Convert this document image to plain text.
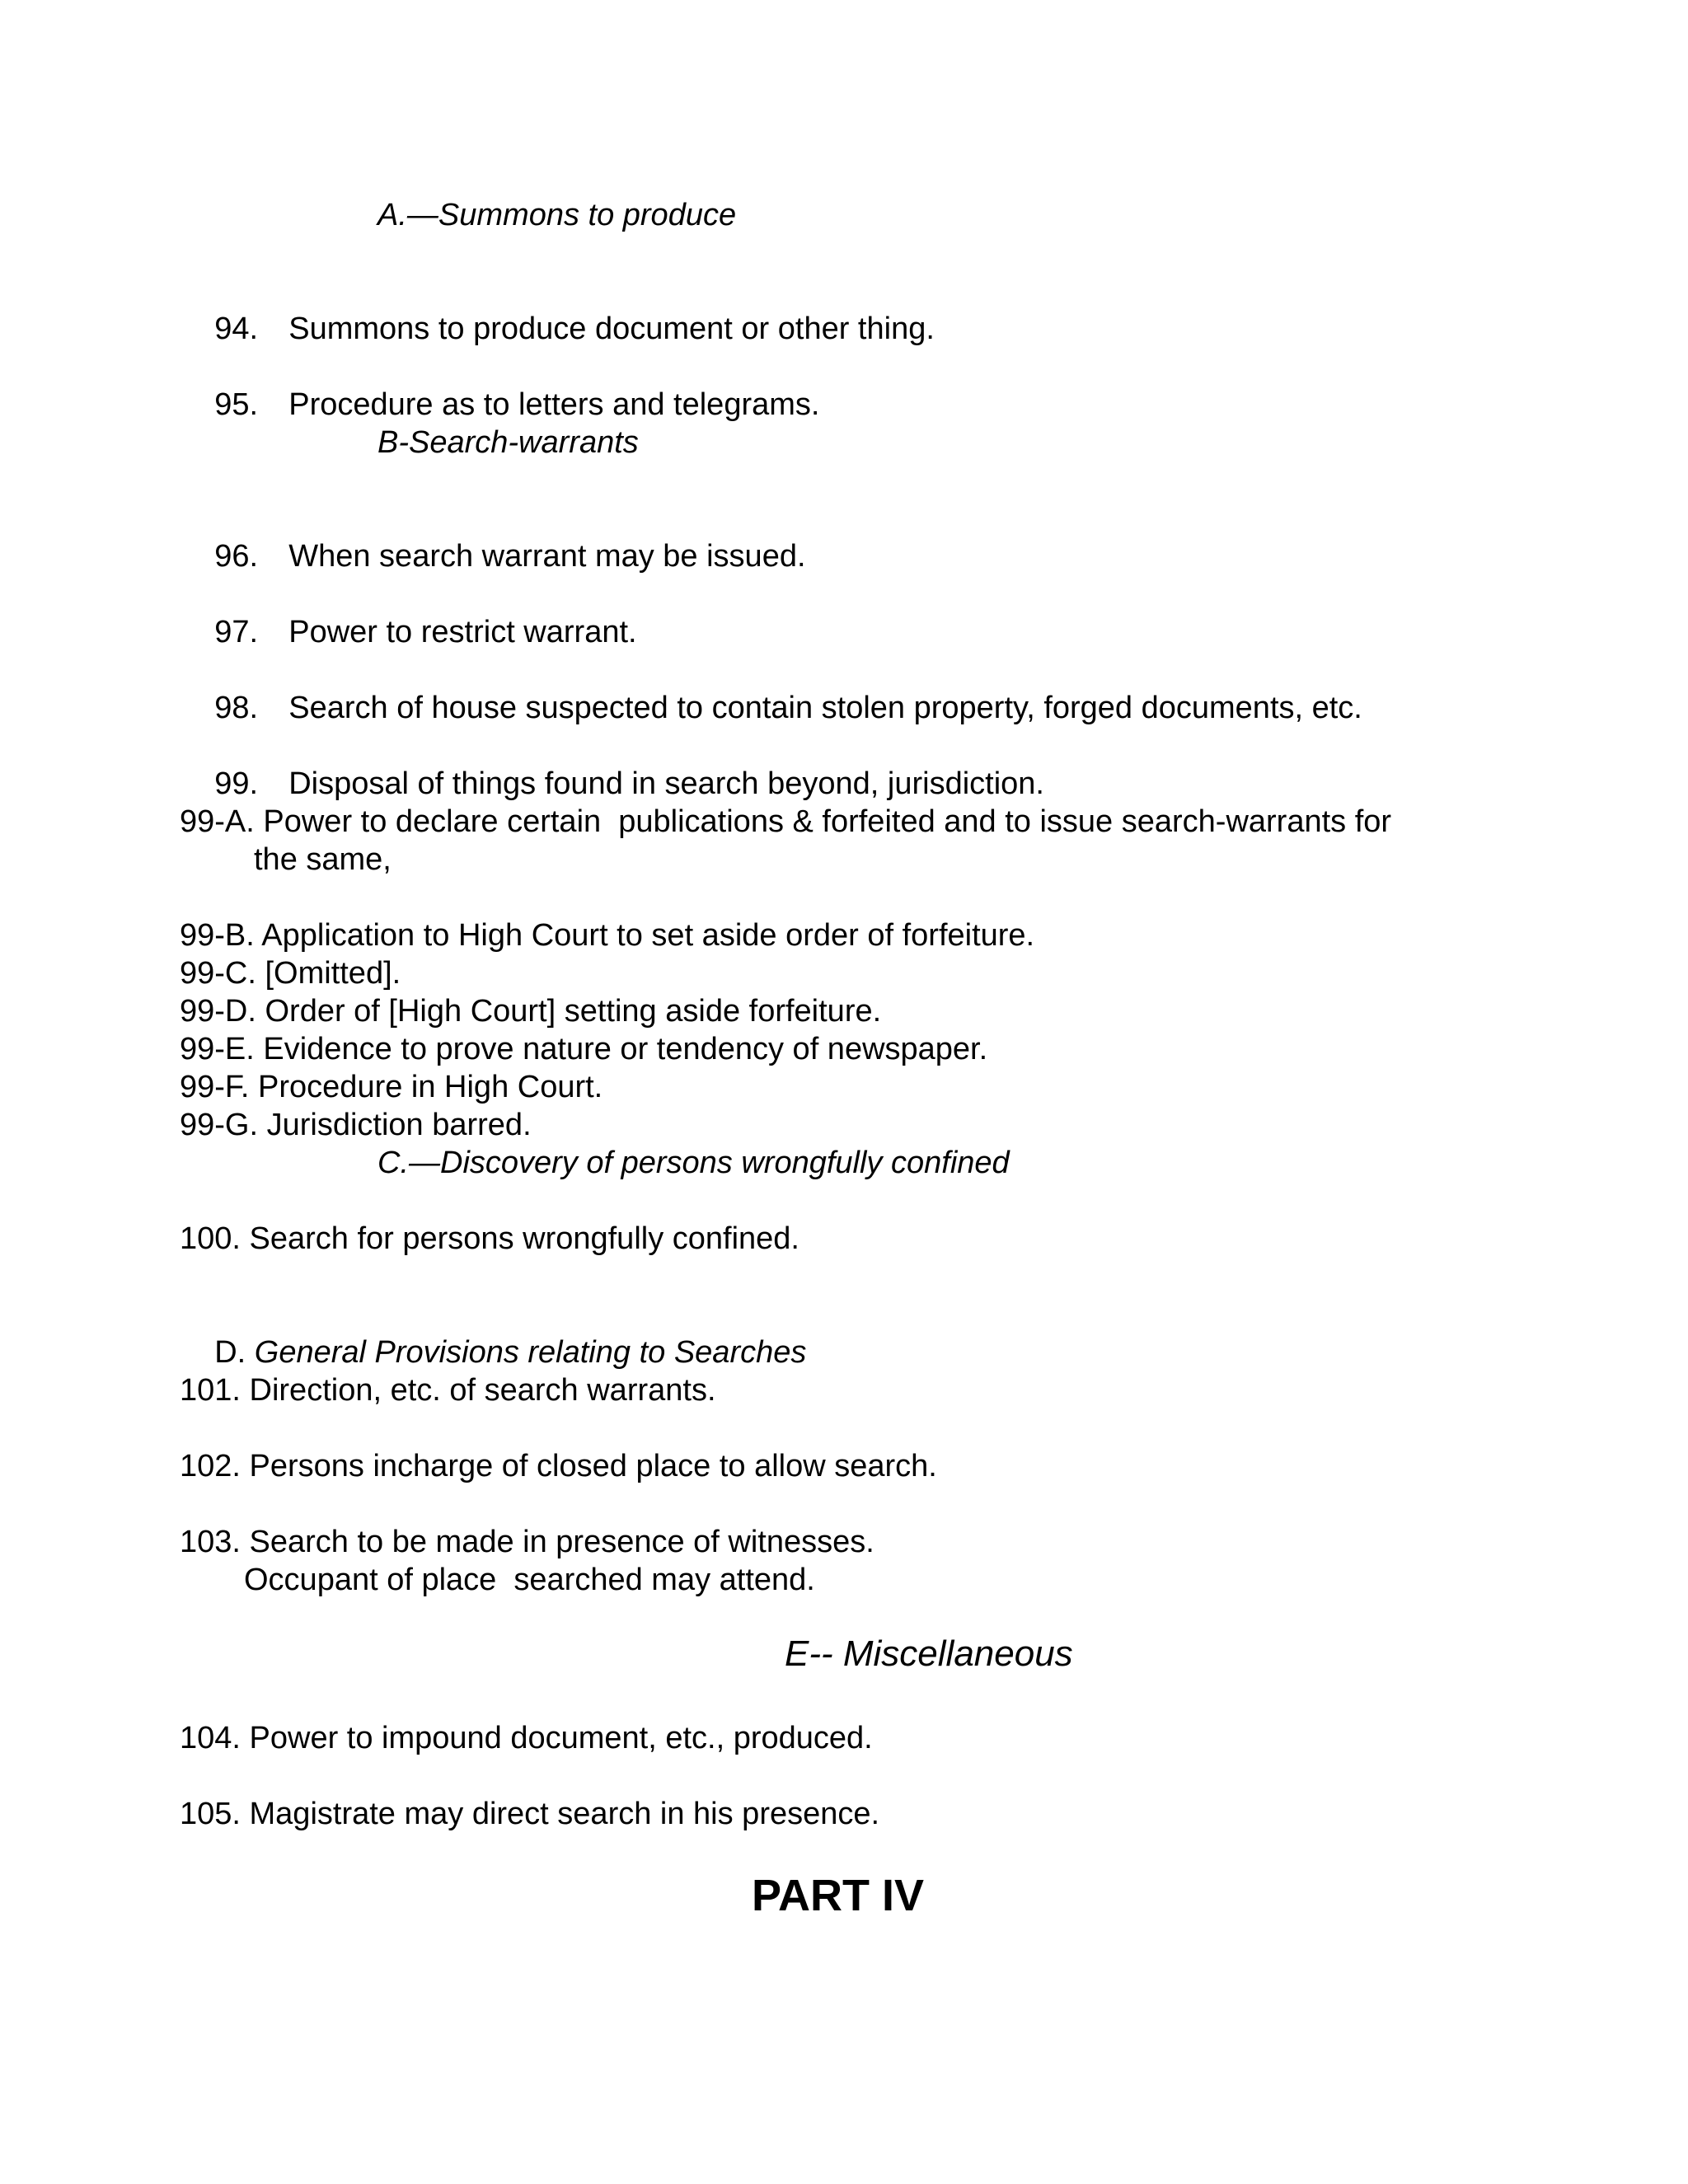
A.—Summons to produce

94. Summons to produce document or other thing.

95. Procedure as to letters and telegrams.

B-Search-warrants

96. When search warrant may be issued.

97. Power to restrict warrant.

98. Search of house suspected to contain stolen property, forged documents, etc.

99. Disposal of things found in search beyond, jurisdiction.

99-A. Power to declare certain  publications & forfeited and to issue search-warrants for
the same,
99-B. Application to High Court to set aside order of forfeiture.
99-C. [Omitted].
99-D. Order of [High Court] setting aside forfeiture.
99-E. Evidence to prove nature or tendency of newspaper.
99-F. Procedure in High Court.
99-G. Jurisdiction barred.
C.—Discovery of persons wrongfully confined
100. Search for persons wrongfully confined.

D. General Provisions relating to Searches

101. Direction, etc. of search warrants.
102. Persons incharge of closed place to allow search.
103. Search to be made in presence of witnesses.
Occupant of place  searched may attend.
E-- Miscellaneous
104. Power to impound document, etc., produced.
105. Magistrate may direct search in his presence.
PART IV
